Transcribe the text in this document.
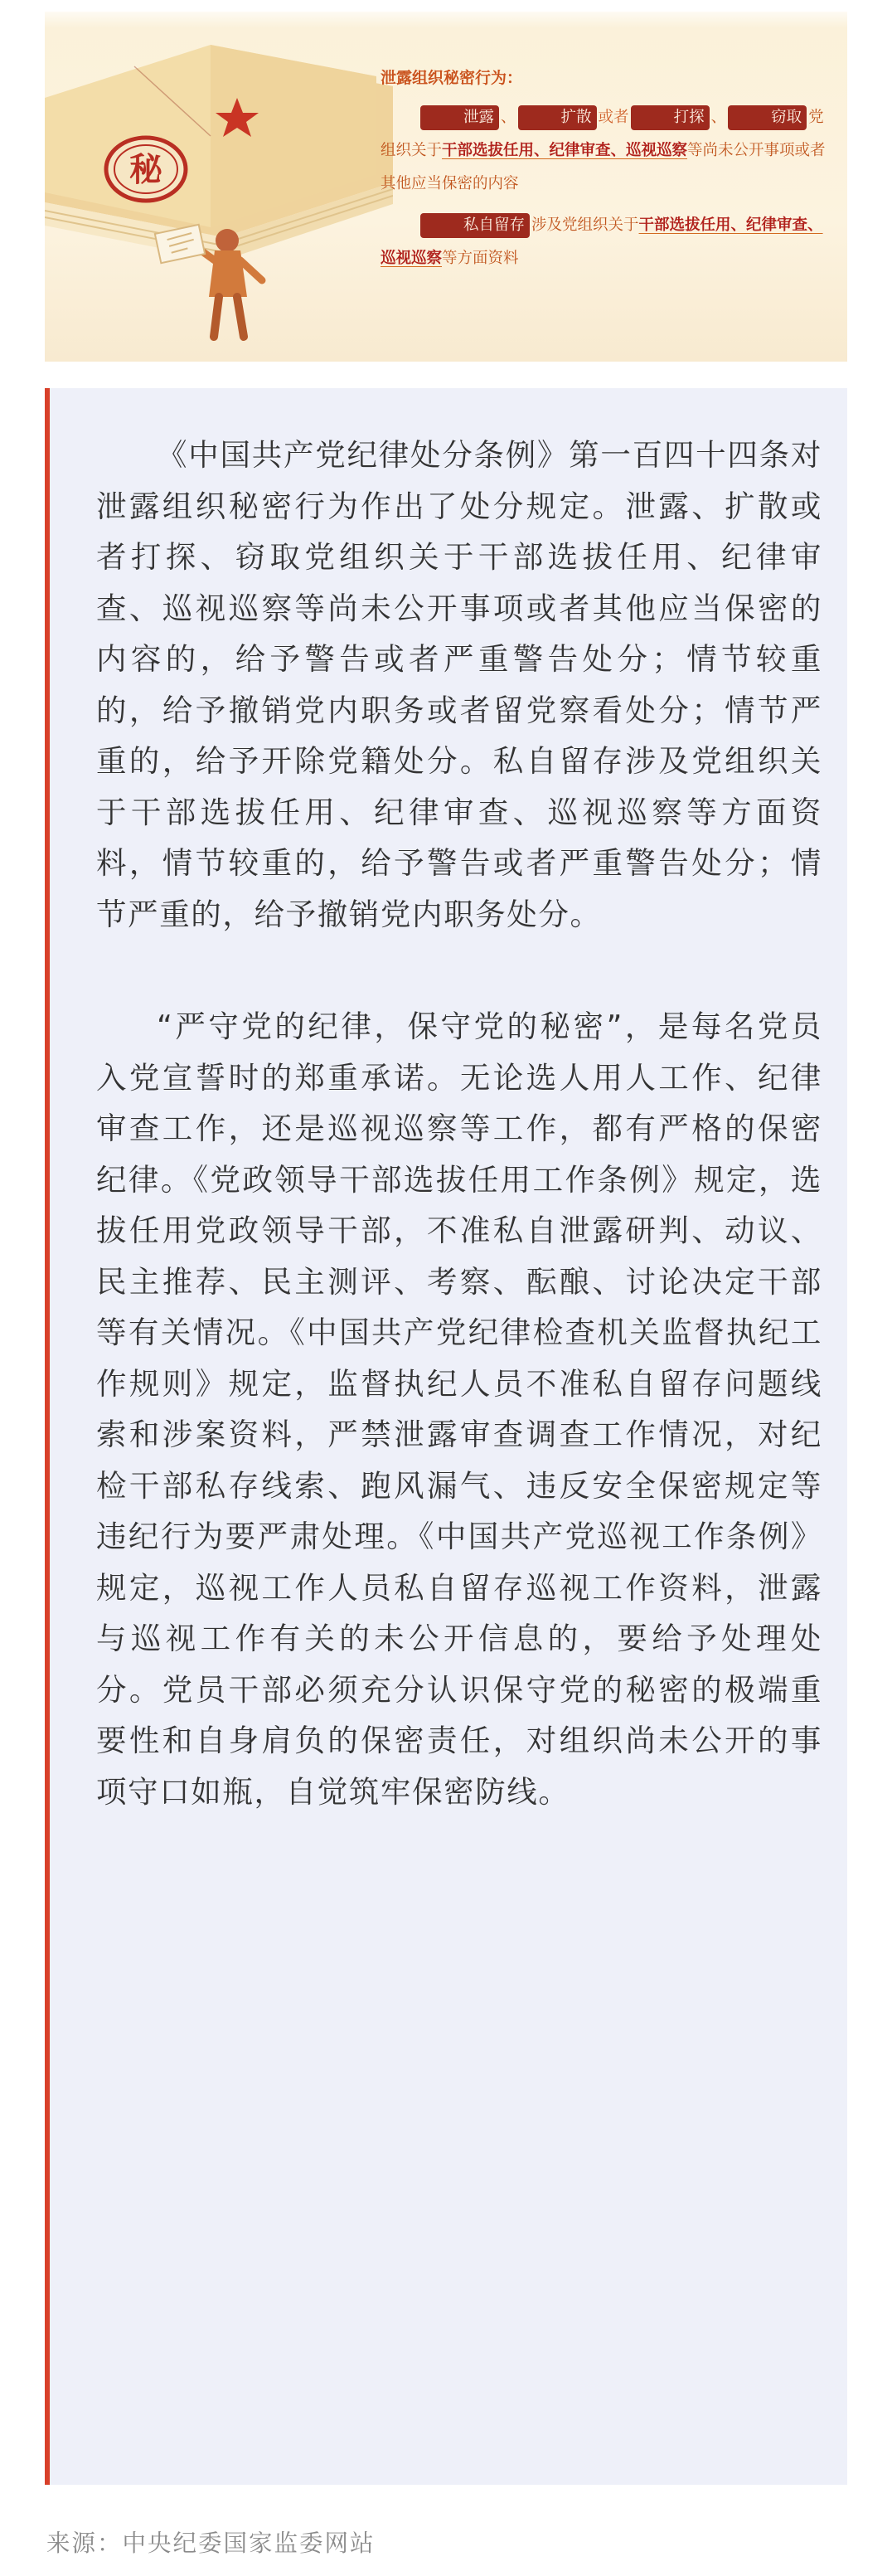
秘
泄露组织秘密行为：

泄露 、	扩散 或者	打探 、	窃取 党组织关于干部选拔任用、纪律审查、巡视巡察等尚未公开事项或者其他应当保密的内容

私自留存 涉及党组织关于干部选拔任用、纪律审查、巡视巡察等方面资料

《中国共产党纪律处分条例》第一百四十四条对泄露组织秘密行为作出了处分规定。泄露、扩散或者打探、窃取党组织关于干部选拔任用、纪律审查、巡视巡察等尚未公开事项或者其他应当保密的内容的，给予警告或者严重警告处分；情节较重的，给予撤销党内职务或者留党察看处分；情节严重的，给予开除党籍处分。私自留存涉及党组织关于干部选拔任用、纪律审查、巡视巡察等方面资料，情节较重的，给予警告或者严重警告处分；情节严重的，给予撤销党内职务处分。

“严守党的纪律，保守党的秘密”，是每名党员入党宣誓时的郑重承诺。无论选人用人工作、纪律审查工作，还是巡视巡察等工作，都有严格的保密纪律。《党政领导干部选拔任用工作条例》规定，选拔任用党政领导干部，不准私自泄露研判、动议、民主推荐、民主测评、考察、酝酿、讨论决定干部等有关情况。《中国共产党纪律检查机关监督执纪工作规则》规定，监督执纪人员不准私自留存问题线索和涉案资料，严禁泄露审查调查工作情况，对纪检干部私存线索、跑风漏气、违反安全保密规定等违纪行为要严肃处理。《中国共产党巡视工作条例》规定，巡视工作人员私自留存巡视工作资料，泄露与巡视工作有关的未公开信息的，要给予处理处分。党员干部必须充分认识保守党的秘密的极端重要性和自身肩负的保密责任，对组织尚未公开的事项守口如瓶，自觉筑牢保密防线。

来源：中央纪委国家监委网站
